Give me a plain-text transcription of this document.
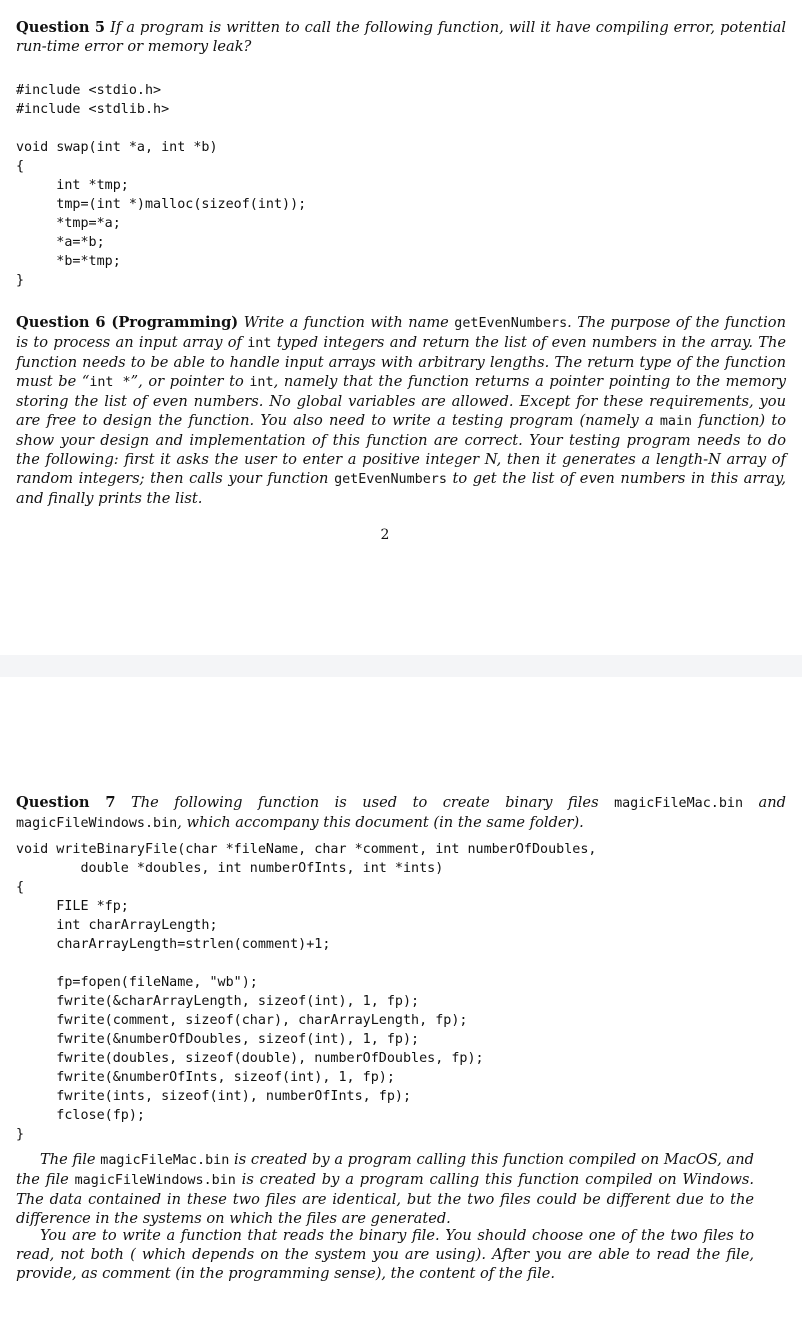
Question 5 If a program is written to call the following function, will it have compiling error, potential run-time error or memory leak?
#include <stdio.h>
#include <stdlib.h>
void swap(int *a, int *b)
{
int *tmp;
tmp=(int *)malloc(sizeof(int));
*tmp=*a;
*a=*b;
*b=*tmp;
}
Question 6 (Programming) Write a function with name getEvenNumbers. The purpose of the function is to process an input array of int typed integers and return the list of even numbers in the array. The function needs to be able to handle input arrays with arbitrary lengths. The return type of the function must be “int *”, or pointer to int, namely that the function returns a pointer pointing to the memory storing the list of even numbers. No global variables are allowed. Except for these requirements, you are free to design the function. You also need to write a testing program (namely a main function) to show your design and implementation of this function are correct. Your testing program needs to do the following: first it asks the user to enter a positive integer N, then it generates a length-N array of random integers; then calls your function getEvenNumbers to get the list of even numbers in this array, and finally prints the list.
2
Question 7 The following function is used to create binary files magicFileMac.bin and magicFileWindows.bin, which accompany this document (in the same folder).
void writeBinaryFile(char *fileName, char *comment, int numberOfDoubles,
double *doubles, int numberOfInts, int *ints)
{
FILE *fp;
int charArrayLength;
charArrayLength=strlen(comment)+1;

fp=fopen(fileName, "wb");
fwrite(&charArrayLength, sizeof(int), 1, fp);
fwrite(comment, sizeof(char), charArrayLength, fp);
fwrite(&numberOfDoubles, sizeof(int), 1, fp);
fwrite(doubles, sizeof(double), numberOfDoubles, fp);
fwrite(&numberOfInts, sizeof(int), 1, fp);
fwrite(ints, sizeof(int), numberOfInts, fp);
fclose(fp);
}
The file magicFileMac.bin is created by a program calling this function compiled on MacOS, and the file magicFileWindows.bin is created by a program calling this function compiled on Windows. The data contained in these two files are identical, but the two files could be different due to the difference in the systems on which the files are generated.
You are to write a function that reads the binary file. You should choose one of the two files to read, not both ( which depends on the system you are using). After you are able to read the file, provide, as comment (in the programming sense), the content of the file.
